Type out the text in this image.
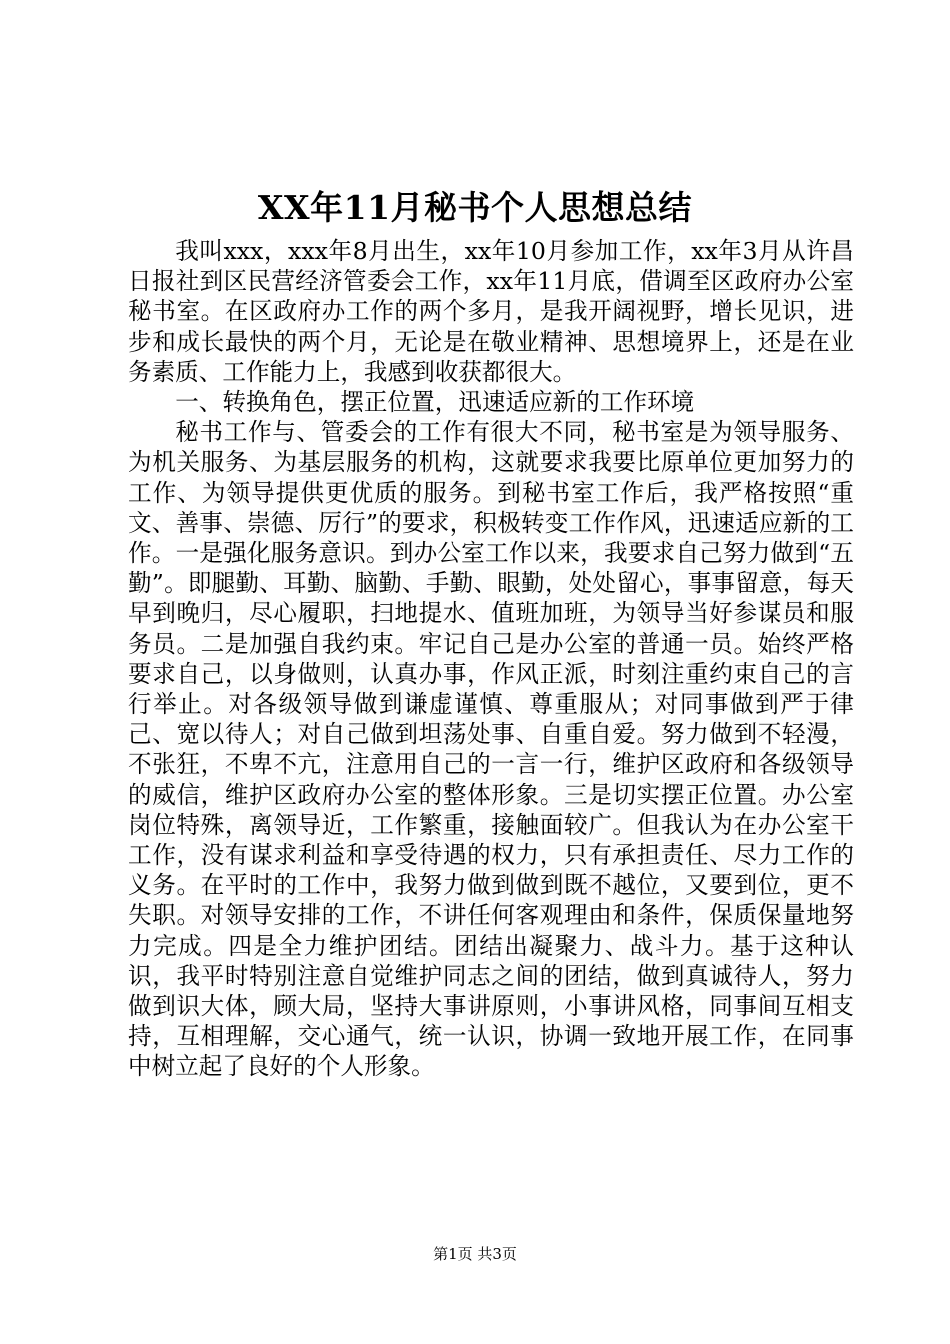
XX年11月秘书个人思想总结

我叫xxx，xxx年8月出生，xx年10月参加工作，xx年3月从许昌日报社到区民营经济管委会工作，xx年11月底，借调至区政府办公室秘书室。在区政府办工作的两个多月，是我开阔视野，增长见识，进步和成长最快的两个月，无论是在敬业精神、思想境界上，还是在业务素质、工作能力上，我感到收获都很大。

一、转换角色，摆正位置，迅速适应新的工作环境

秘书工作与、管委会的工作有很大不同，秘书室是为领导服务、为机关服务、为基层服务的机构，这就要求我要比原单位更加努力的工作、为领导提供更优质的服务。到秘书室工作后，我严格按照“重文、善事、崇德、厉行”的要求，积极转变工作作风，迅速适应新的工作。一是强化服务意识。到办公室工作以来，我要求自己努力做到“五勤”。即腿勤、耳勤、脑勤、手勤、眼勤，处处留心，事事留意，每天早到晚归，尽心履职，扫地提水、值班加班，为领导当好参谋员和服务员。二是加强自我约束。牢记自己是办公室的普通一员。始终严格要求自己，以身做则，认真办事，作风正派，时刻注重约束自己的言行举止。对各级领导做到谦虚谨慎、尊重服从；对同事做到严于律己、宽以待人；对自己做到坦荡处事、自重自爱。努力做到不轻漫，不张狂，不卑不亢，注意用自己的一言一行，维护区政府和各级领导的威信，维护区政府办公室的整体形象。三是切实摆正位置。办公室岗位特殊，离领导近，工作繁重，接触面较广。但我认为在办公室干工作，没有谋求利益和享受待遇的权力，只有承担责任、尽力工作的义务。在平时的工作中，我努力做到做到既不越位，又要到位，更不失职。对领导安排的工作，不讲任何客观理由和条件，保质保量地努力完成。四是全力维护团结。团结出凝聚力、战斗力。基于这种认识，我平时特别注意自觉维护同志之间的团结，做到真诚待人，努力做到识大体，顾大局，坚持大事讲原则，小事讲风格，同事间互相支持，互相理解，交心通气，统一认识，协调一致地开展工作，在同事中树立起了良好的个人形象。

第1页 共3页
